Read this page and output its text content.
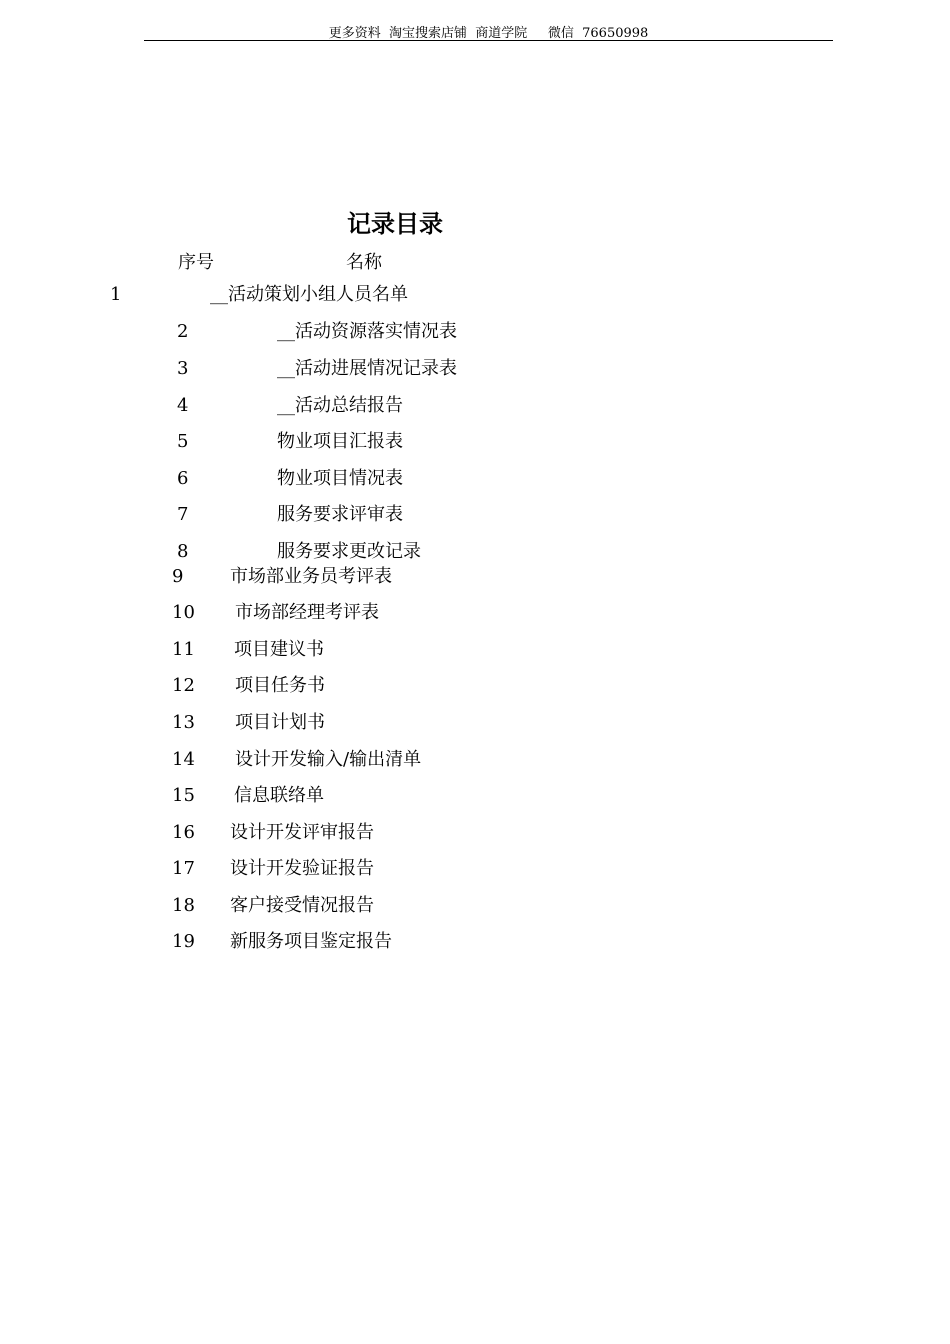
更多资料  淘宝搜索店铺  商道学院     微信  76650998
记录目录
序号	名称
1	__活动策划小组人员名单
2	__活动资源落实情况表
3	__活动进展情况记录表
4	__活动总结报告
5	物业项目汇报表
6	物业项目情况表
7	服务要求评审表
8	服务要求更改记录
9	市场部业务员考评表
10 市场部经理考评表
11 项目建议书
12 项目任务书
13 项目计划书
14 设计开发输入/输出清单
15 信息联络单
16 设计开发评审报告
17 设计开发验证报告
18 客户接受情况报告
19 新服务项目鉴定报告
